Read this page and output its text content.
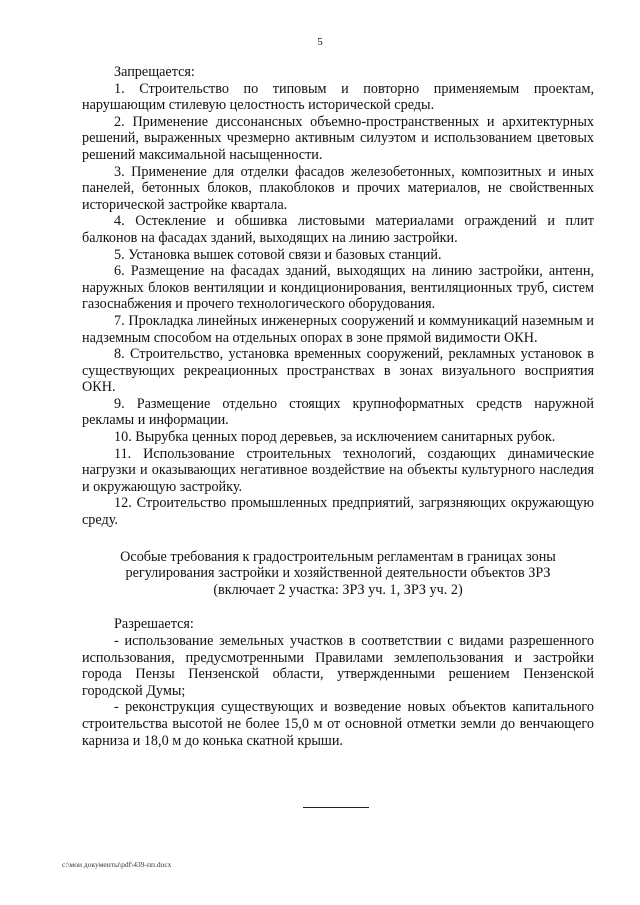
5

Запрещается:

1. Строительство по типовым и повторно применяемым проектам, нарушающим стилевую целостность исторической среды.

2. Применение диссонансных объемно-пространственных и архитектурных решений, выраженных чрезмерно активным силуэтом и использованием цветовых решений максимальной насыщенности.

3. Применение для отделки фасадов железобетонных, композитных и иных панелей, бетонных блоков, плакоблоков и прочих материалов, не свойственных исторической застройке квартала.

4. Остекление и обшивка листовыми материалами ограждений и плит балконов на фасадах зданий, выходящих на линию застройки.

5. Установка вышек сотовой связи и базовых станций.

6. Размещение на фасадах зданий, выходящих на линию застройки, антенн, наружных блоков вентиляции и кондиционирования, вентиляционных труб, систем газоснабжения и прочего технологического оборудования.

7. Прокладка линейных инженерных сооружений и коммуникаций наземным и надземным способом на отдельных опорах в зоне прямой видимости ОКН.

8. Строительство, установка временных сооружений, рекламных установок в существующих рекреационных пространствах в зонах визуального восприятия ОКН.

9. Размещение отдельно стоящих крупноформатных средств наружной рекламы и информации.

10. Вырубка ценных пород деревьев, за исключением санитарных рубок.

11. Использование строительных технологий, создающих динамические нагрузки и оказывающих негативное воздействие на объекты культурного наследия и окружающую застройку.

12. Строительство промышленных предприятий, загрязняющих окружающую среду.

Особые требования к градостроительным регламентам в границах зоны
регулирования застройки и хозяйственной деятельности объектов ЗРЗ
(включает 2 участка: ЗРЗ уч. 1, ЗРЗ уч. 2)

Разрешается:

- использование земельных участков в соответствии с видами разрешенного использования, предусмотренными Правилами землепользования и застройки города Пензы Пензенской области, утвержденными решением Пензенской городской Думы;

- реконструкция существующих и возведение новых объектов капитального строительства высотой не более 15,0 м от основной отметки земли до венчающего карниза и 18,0 м до конька скатной крыши.

c:\мои документы\pdf\439-пп.docx
